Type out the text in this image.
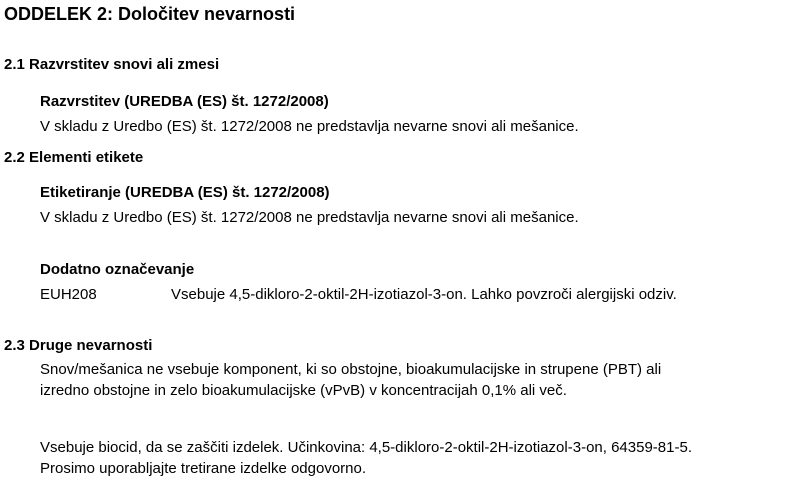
ODDELEK 2: Določitev nevarnosti
2.1 Razvrstitev snovi ali zmesi
Razvrstitev (UREDBA (ES) št. 1272/2008)
V skladu z Uredbo (ES) št. 1272/2008 ne predstavlja nevarne snovi ali mešanice.
2.2 Elementi etikete
Etiketiranje (UREDBA (ES) št. 1272/2008)
V skladu z Uredbo (ES) št. 1272/2008 ne predstavlja nevarne snovi ali mešanice.
Dodatno označevanje
EUH208	Vsebuje 4,5-dikloro-2-oktil-2H-izotiazol-3-on. Lahko povzroči alergijski odziv.
2.3 Druge nevarnosti
Snov/mešanica ne vsebuje komponent, ki so obstojne, bioakumulacijske in strupene (PBT) ali
izredno obstojne in zelo bioakumulacijske (vPvB) v koncentracijah 0,1% ali več.
Vsebuje biocid, da se zaščiti izdelek. Učinkovina: 4,5-dikloro-2-oktil-2H-izotiazol-3-on, 64359-81-5.
Prosimo uporabljajte tretirane izdelke odgovorno.
